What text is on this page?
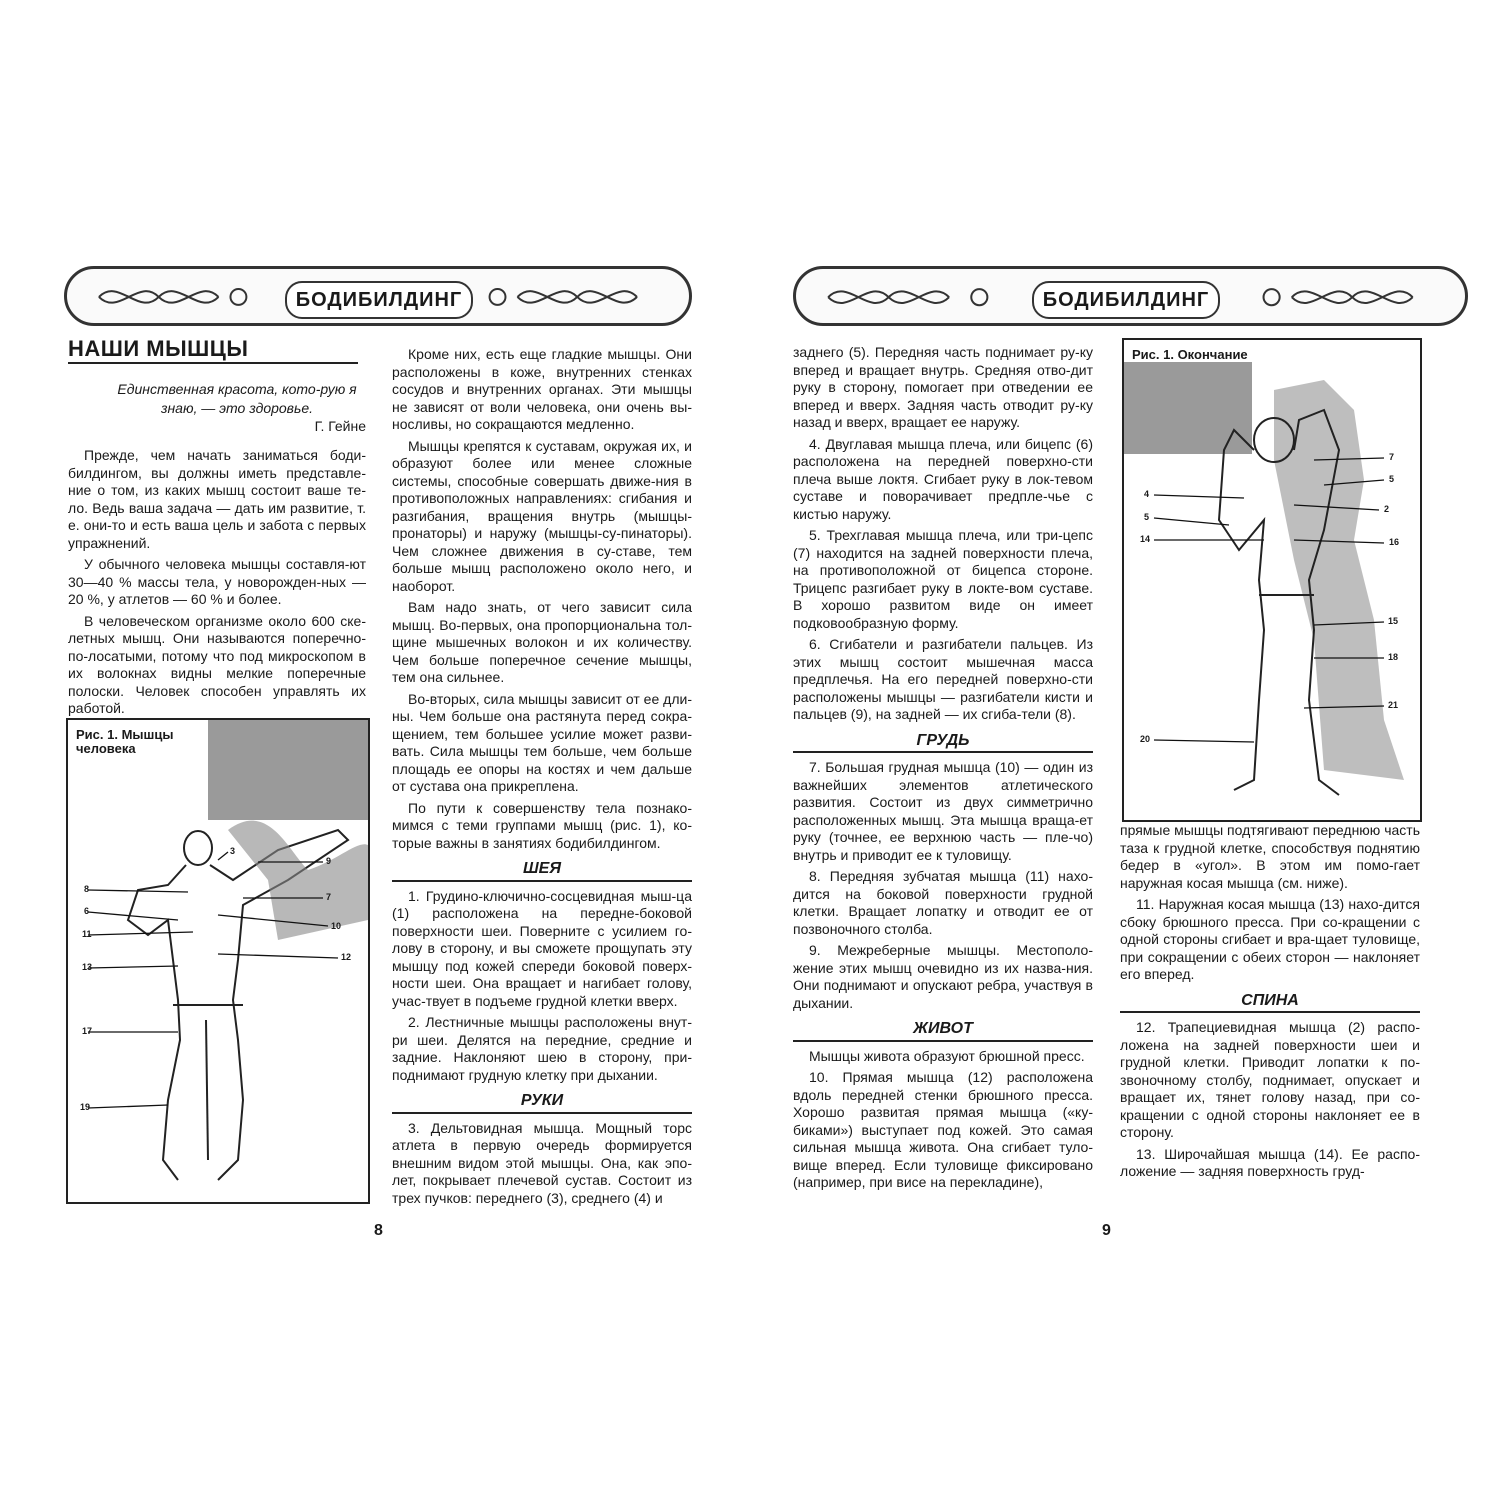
БОДИБИЛДИНГ
НАШИ МЫШЦЫ
Единственная красота, кото-рую я знаю, — это здоровье.
Г. Гейне

Прежде, чем начать заниматься боди-билдингом, вы должны иметь представле-ние о том, из каких мышц состоит ваше те-ло. Ведь ваша задача — дать им развитие, т. е. они-то и есть ваша цель и забота с первых упражнений.

У обычного человека мышцы составля-ют 30—40 % массы тела, у новорожден-ных — 20 %, у атлетов — 60 % и более.

В человеческом организме около 600 ске-летных мышц. Они называются поперечно-по-лосатыми, потому что под микроскопом в их волокнах видны мелкие поперечные полоски. Человек способен управлять их работой.

Кроме них, есть еще гладкие мышцы. Они расположены в коже, внутренних стенках сосудов и внутренних органах. Эти мышцы не зависят от воли человека, они очень вы-носливы, но сокращаются медленно.

Мышцы крепятся к суставам, окружая их, и образуют более или менее сложные системы, способные совершать движе-ния в противоположных направлениях: сгибания и разгибания, вращения внутрь (мышцы-пронаторы) и наружу (мышцы-су-пинаторы). Чем сложнее движения в су-ставе, тем больше мышц расположено около него, и наоборот.

Вам надо знать, от чего зависит сила мышц. Во-первых, она пропорциональна тол-щине мышечных волокон и их количеству. Чем больше поперечное сечение мышцы, тем она сильнее.

Во-вторых, сила мышцы зависит от ее дли-ны. Чем больше она растянута перед сокра-щением, тем большее усилие может разви-вать. Сила мышцы тем больше, чем больше площадь ее опоры на костях и чем дальше от сустава она прикреплена.

По пути к совершенству тела познако-мимся с теми группами мышц (рис. 1), ко-торые важны в занятиях бодибилдингом.

ШЕЯ

1. Грудино-ключично-сосцевидная мыш-ца (1) расположена на передне-боковой поверхности шеи. Поверните с усилием го-лову в сторону, и вы сможете прощупать эту мышцу под кожей спереди боковой поверх-ности шеи. Она вращает и нагибает голову, учас-твует в подъеме грудной клетки вверх.

2. Лестничные мышцы расположены внут-ри шеи. Делятся на передние, средние и задние. Наклоняют шею в сторону, при-поднимают грудную клетку при дыхании.

РУКИ

3. Дельтовидная мышца. Мощный торс атлета в первую очередь формируется внешним видом этой мышцы. Она, как эпо-лет, покрывает плечевой сустав. Состоит из трех пучков: переднего (3), среднего (4) и

Рис. 1. Мышцы человека
8
6
11
13
17
19
3
9
7
10
12
8
БОДИБИЛДИНГ

заднего (5). Передняя часть поднимает ру-ку вперед и вращает внутрь. Средняя отво-дит руку в сторону, помогает при отведении ее вперед и вверх. Задняя часть отводит ру-ку назад и вверх, вращает ее наружу.

4. Двуглавая мышца плеча, или бицепс (6) расположена на передней поверхно-сти плеча выше локтя. Сгибает руку в лок-тевом суставе и поворачивает предпле-чье с кистью наружу.

5. Трехглавая мышца плеча, или три-цепс (7) находится на задней поверхности плеча, на противоположной от бицепса стороне. Трицепс разгибает руку в локте-вом суставе. В хорошо развитом виде он имеет подковообразную форму.

6. Сгибатели и разгибатели пальцев. Из этих мышц состоит мышечная масса предплечья. На его передней поверхно-сти расположены мышцы — разгибатели кисти и пальцев (9), на задней — их сгиба-тели (8).

ГРУДЬ

7. Большая грудная мышца (10) — один из важнейших элементов атлетического развития. Состоит из двух симметрично расположенных мышц. Эта мышца враща-ет руку (точнее, ее верхнюю часть — пле-чо) внутрь и приводит ее к туловищу.

8. Передняя зубчатая мышца (11) нахо-дится на боковой поверхности грудной клетки. Вращает лопатку и отводит ее от позвоночного столба.

9. Межреберные мышцы. Местополо-жение этих мышц очевидно из их назва-ния. Они поднимают и опускают ребра, участвуя в дыхании.

ЖИВОТ

Мышцы живота образуют брюшной пресс.

10. Прямая мышца (12) расположена вдоль передней стенки брюшного пресса. Хорошо развитая прямая мышца («ку-биками») выступает под кожей. Это самая сильная мышца живота. Она сгибает туло-вище вперед. Если туловище фиксировано (например, при висе на перекладине),

Рис. 1. Окончание
7
5
2
16
15
18
21
4
5
14
20

прямые мышцы подтягивают переднюю часть таза к грудной клетке, способствуя поднятию бедер в «угол». В этом им помо-гает наружная косая мышца (см. ниже).

11. Наружная косая мышца (13) нахо-дится сбоку брюшного пресса. При со-кращении с одной стороны сгибает и вра-щает туловище, при сокращении с обеих сторон — наклоняет его вперед.

СПИНА

12. Трапециевидная мышца (2) распо-ложена на задней поверхности шеи и грудной клетки. Приводит лопатки к по-звоночному столбу, поднимает, опускает и вращает их, тянет голову назад, при со-кращении с одной стороны наклоняет ее в сторону.

13. Широчайшая мышца (14). Ее распо-ложение — задняя поверхность груд-

9
